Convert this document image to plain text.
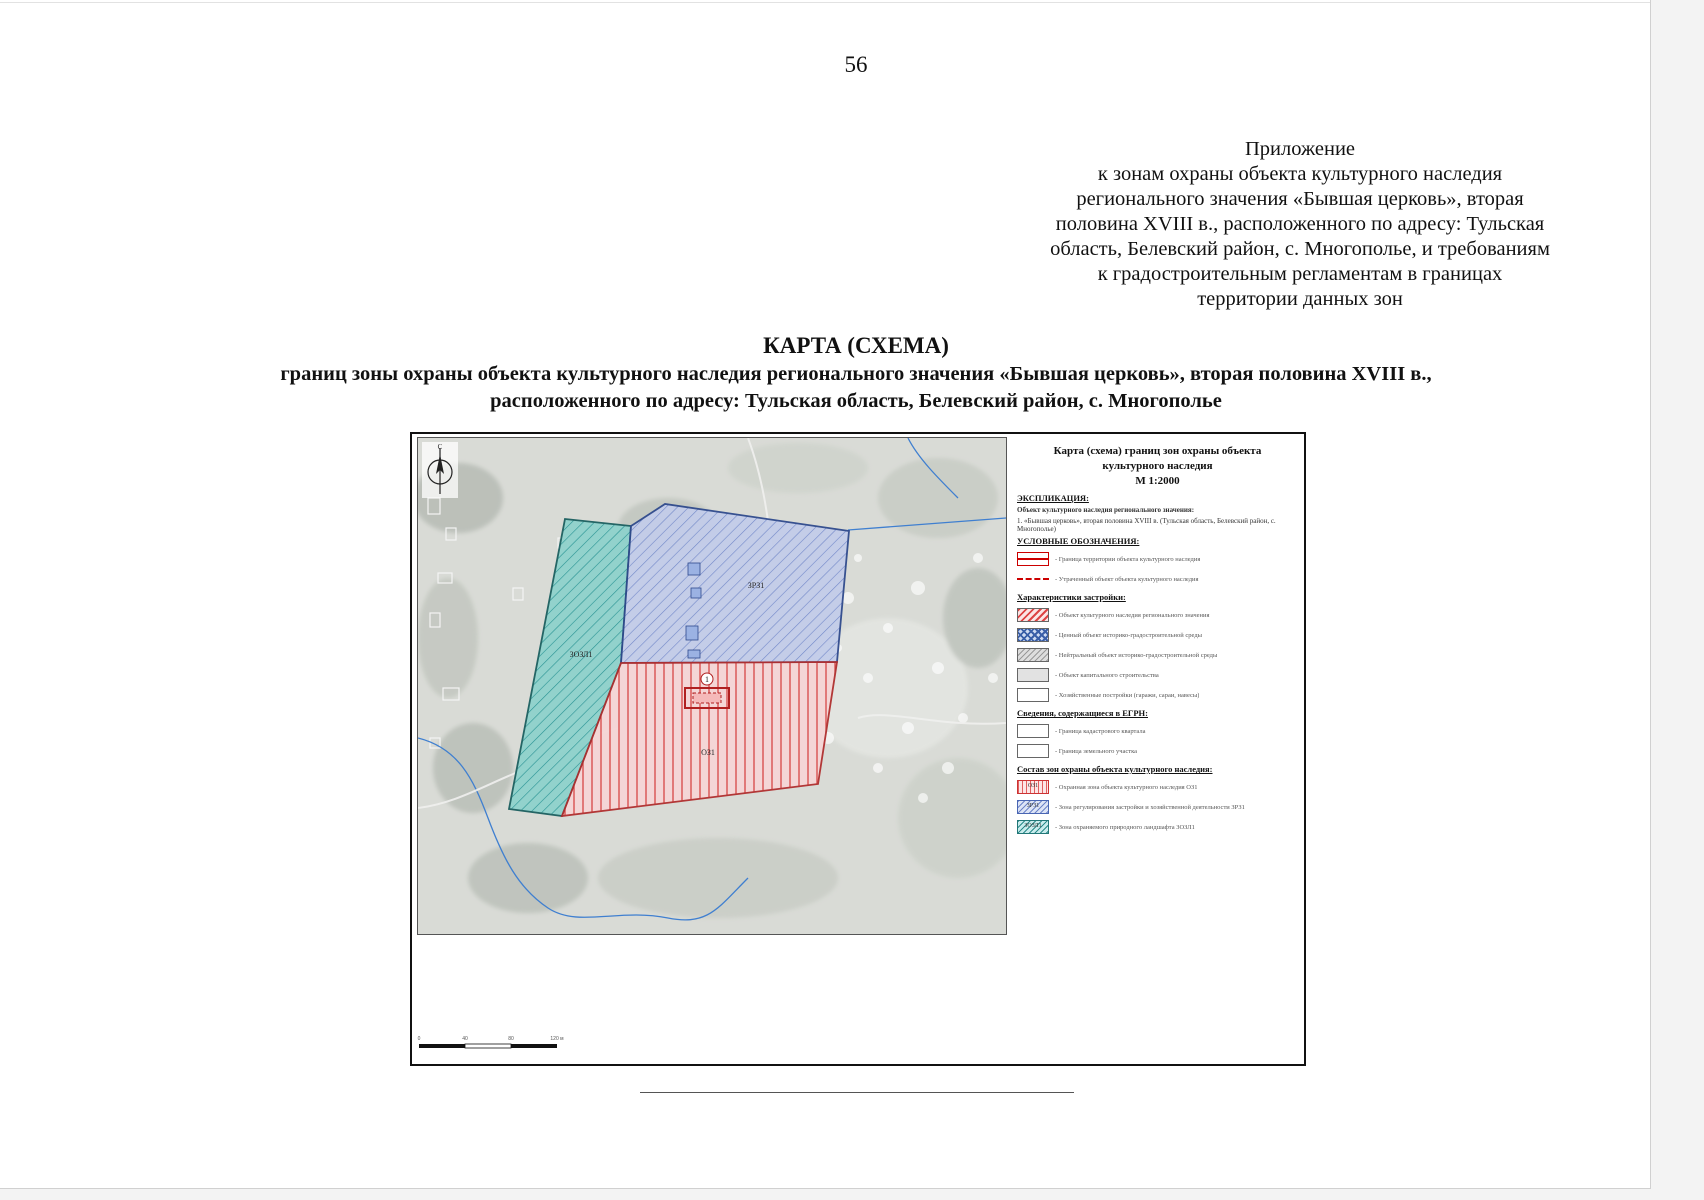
56
Приложение
к зонам охраны объекта культурного наследия
регионального значения «Бывшая церковь», вторая
половина XVIII в., расположенного по адресу: Тульская
область, Белевский район, с. Многополье, и требованиям
к градостроительным регламентам в границах
территории данных зон
КАРТА (СХЕМА)
границ зоны охраны объекта культурного наследия регионального значения «Бывшая церковь», вторая половина XVIII в.,
расположенного по адресу: Тульская область, Белевский район, с. Многополье
1
ЗОЗЛ1
ЗРЗ1
ОЗ1
С	Карта (схема) границ зон охраны объекта
культурного наследия
М 1:2000
ЭКСПЛИКАЦИЯ:
Объект культурного наследия регионального значения:
1. «Бывшая церковь», вторая половина XVIII в. (Тульская область, Белевский район, с. Многополье)
УСЛОВНЫЕ ОБОЗНАЧЕНИЯ:
- Граница территории объекта культурного наследия
- Утраченный объект объекта культурного наследия
Характеристики застройки:
- Объект культурного наследия регионального значения
- Ценный объект историко-градостроительной среды
- Нейтральный объект историко-градостроительной среды
- Объект капитального строительства
- Хозяйственные постройки (гаражи, сараи, навесы)
Сведения, содержащиеся в ЕГРН:
- Граница кадастрового квартала
- Граница земельного участка
Состав зон охраны объекта культурного наследия:
ОЗ1	- Охранная зона объекта культурного наследия ОЗ1
ЗРЗ1	- Зона регулирования застройки и хозяйственной деятельности ЗРЗ1
ЗОЗЛ1	- Зона охраняемого природного ландшафта ЗОЗЛ1
0	40	80	120 м
